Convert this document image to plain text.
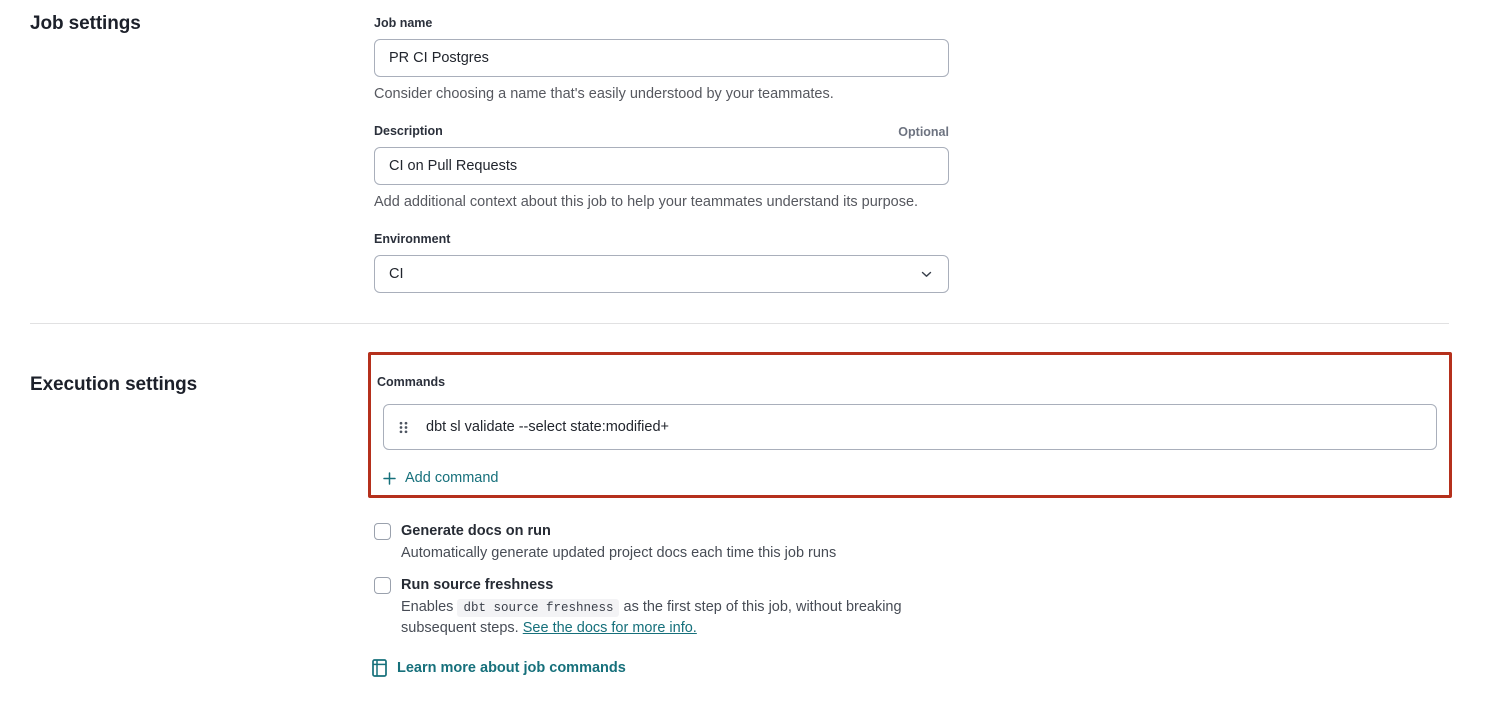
Job settings	Job name
PR CI Postgres
Consider choosing a name that's easily understood by your teammates.
Description	Optional
CI on Pull Requests
Add additional context about this job to help your teammates understand its purpose.
Environment
CI
Execution settings	Commands
dbt sl validate --select state:modified+
Add command
Generate docs on run
Automatically generate updated project docs each time this job runs
Run source freshness
Enables dbt source freshness as the first step of this job, without breaking subsequent steps. See the docs for more info.
Learn more about job commands
